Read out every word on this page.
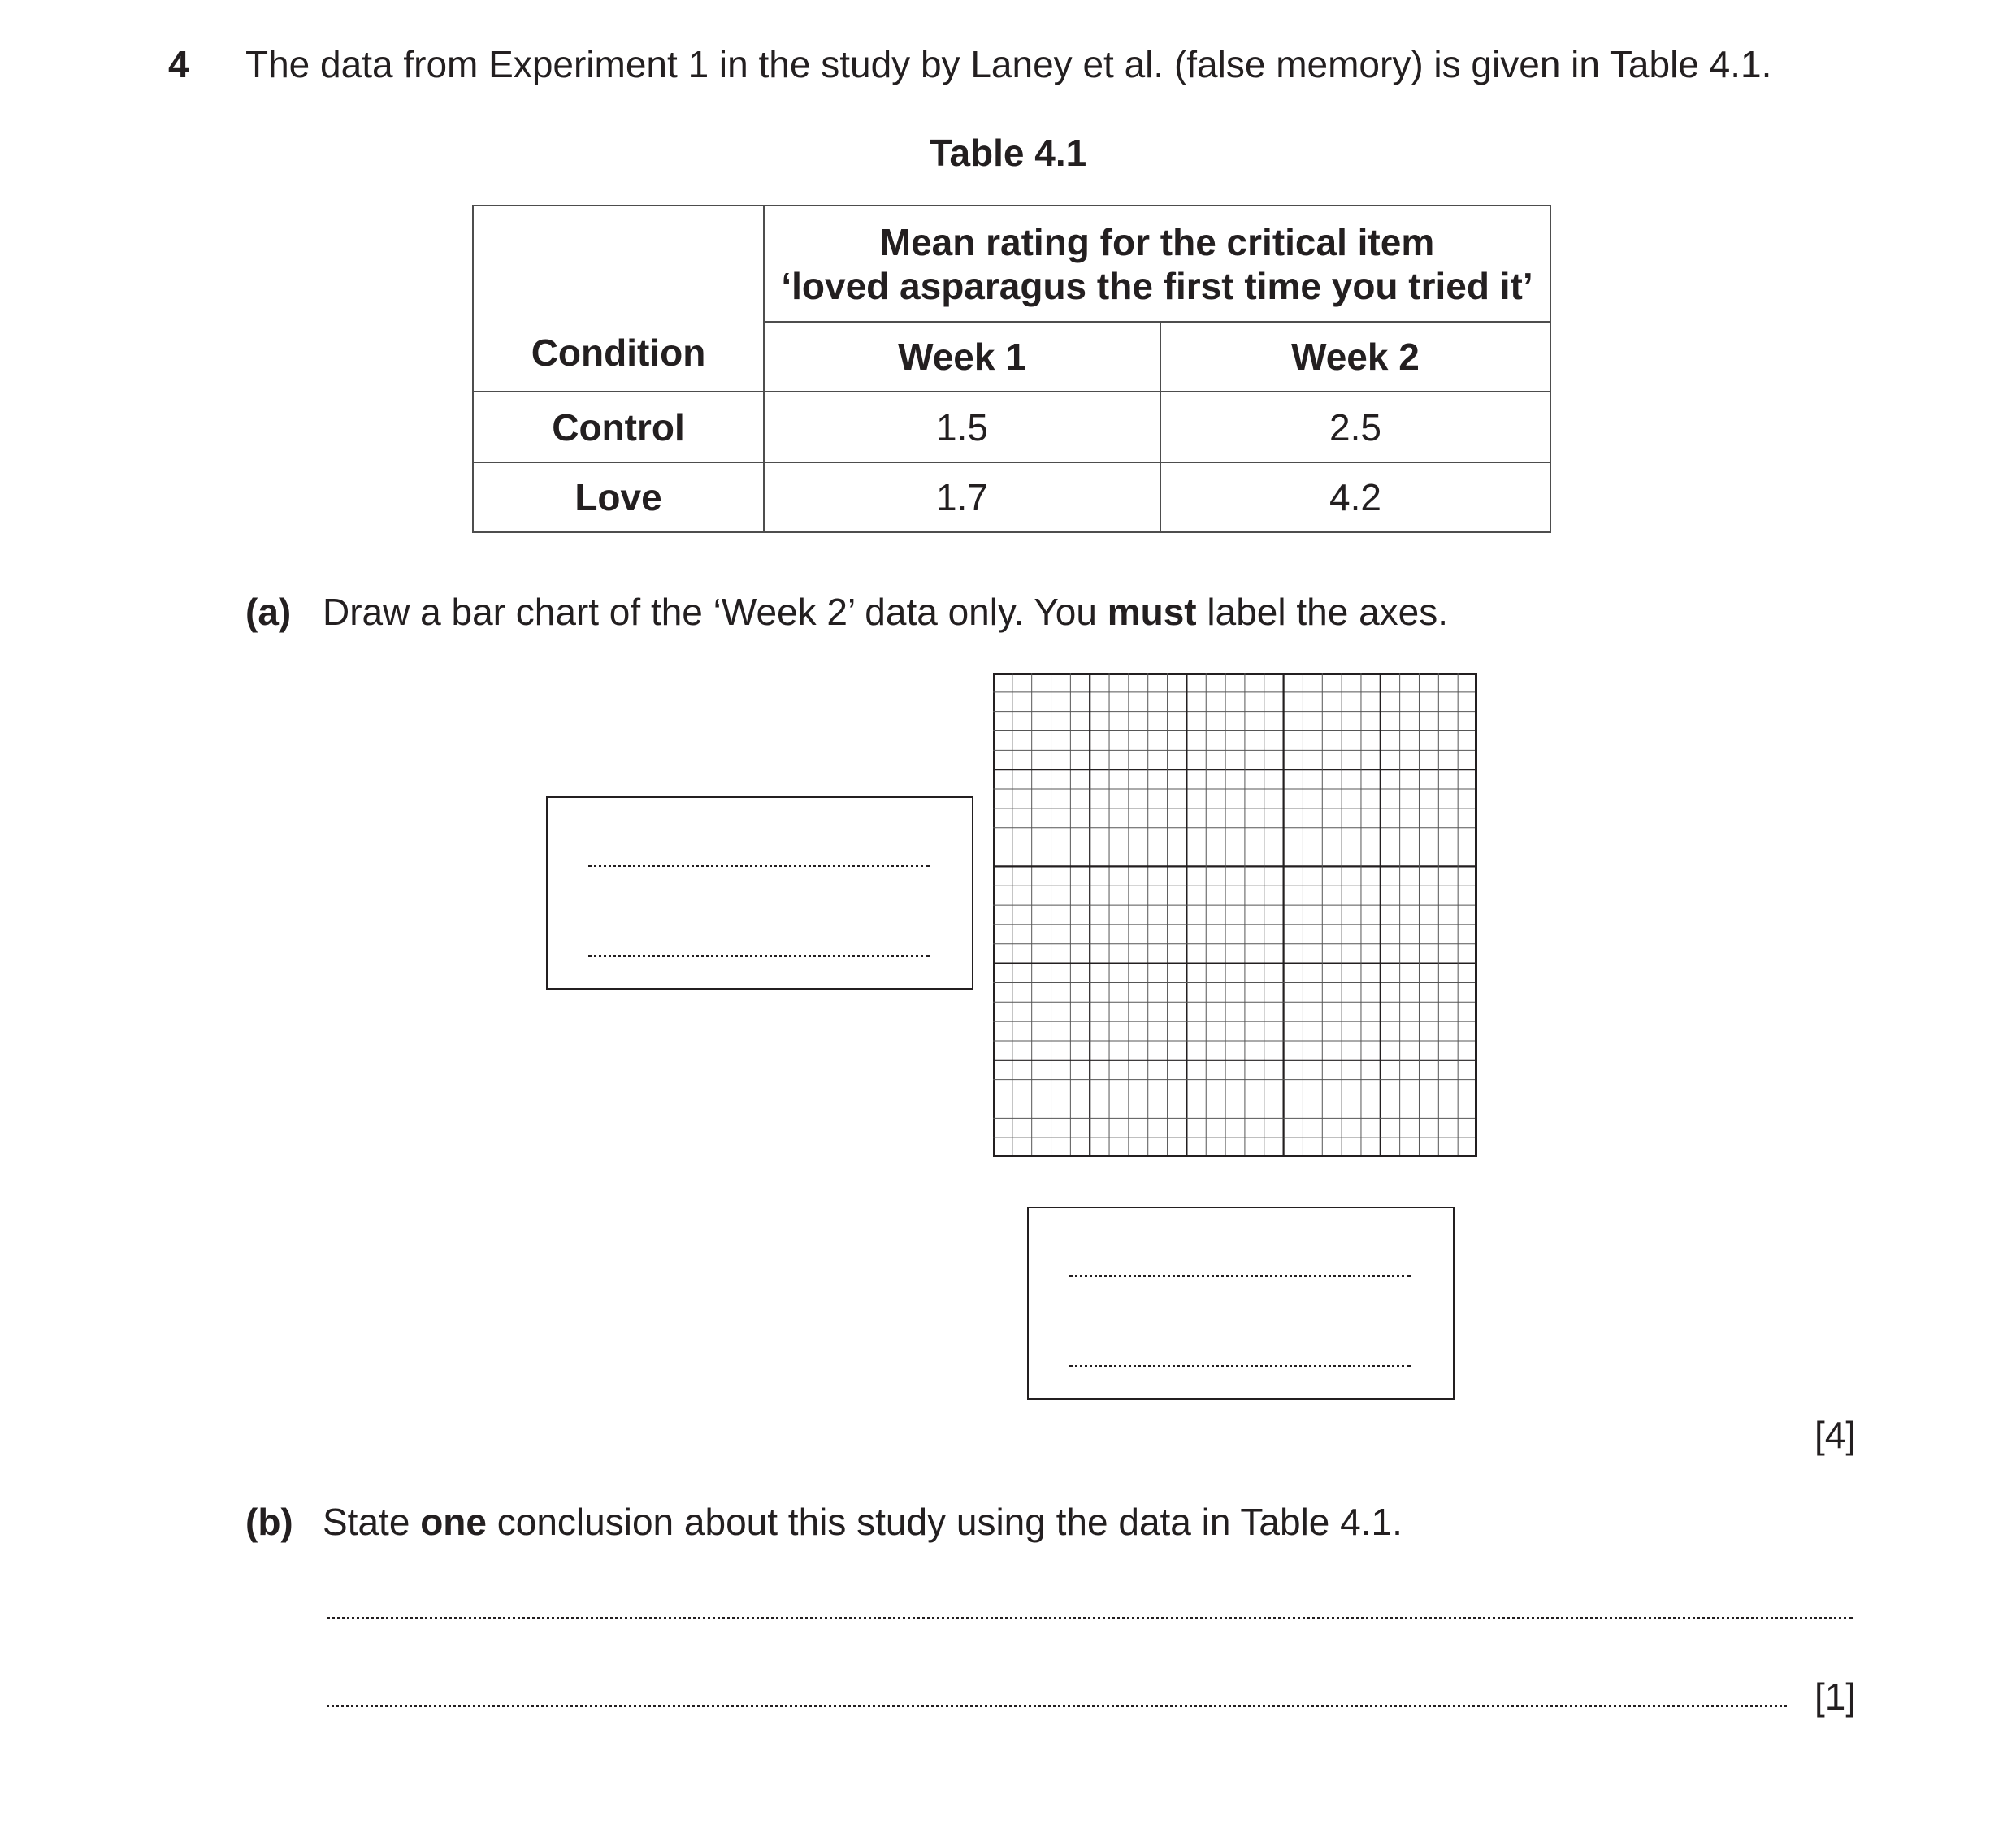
4 The data from Experiment 1 in the study by Laney et al. (false memory) is given in Table 4.1.
Table 4.1
Condition	Mean rating for the critical item
‘loved asparagus the first time you tried it’	

	Week 1	Week 2
Control	1.5	2.5
Love	1.7	4.2
(a) Draw a bar chart of the ‘Week 2’ data only. You must label the axes.
[4]
(b) State one conclusion about this study using the data in Table 4.1.
[1]
